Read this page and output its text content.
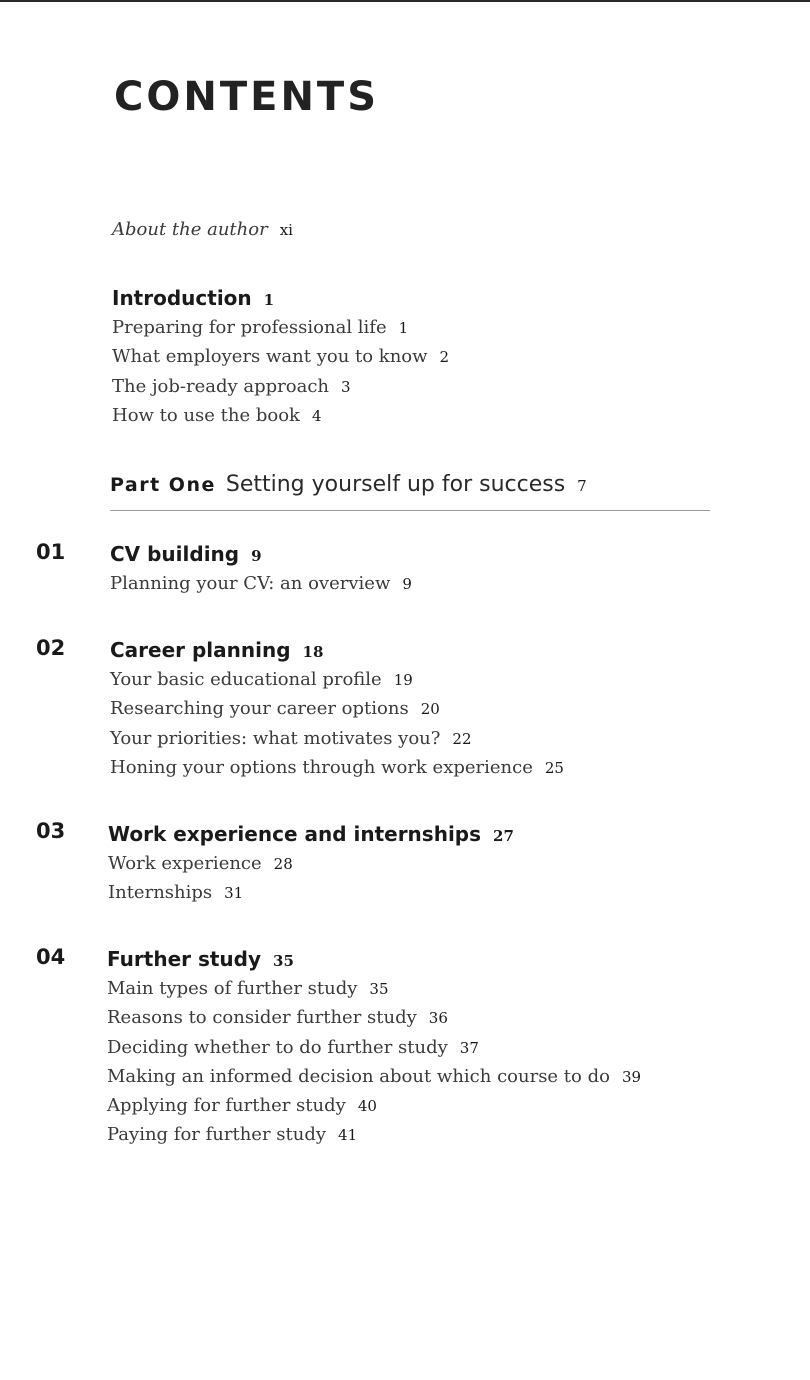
CONTENTS
About the author xi
Introduction 1
Preparing for professional life 1
What employers want you to know 2
The job-ready approach 3
How to use the book 4
Part One Setting yourself up for success 7
01 CV building 9
Planning your CV: an overview 9
02 Career planning 18
Your basic educational profile 19
Researching your career options 20
Your priorities: what motivates you? 22
Honing your options through work experience 25
03 Work experience and internships 27
Work experience 28
Internships 31
04 Further study 35
Main types of further study 35
Reasons to consider further study 36
Deciding whether to do further study 37
Making an informed decision about which course to do 39
Applying for further study 40
Paying for further study 41
